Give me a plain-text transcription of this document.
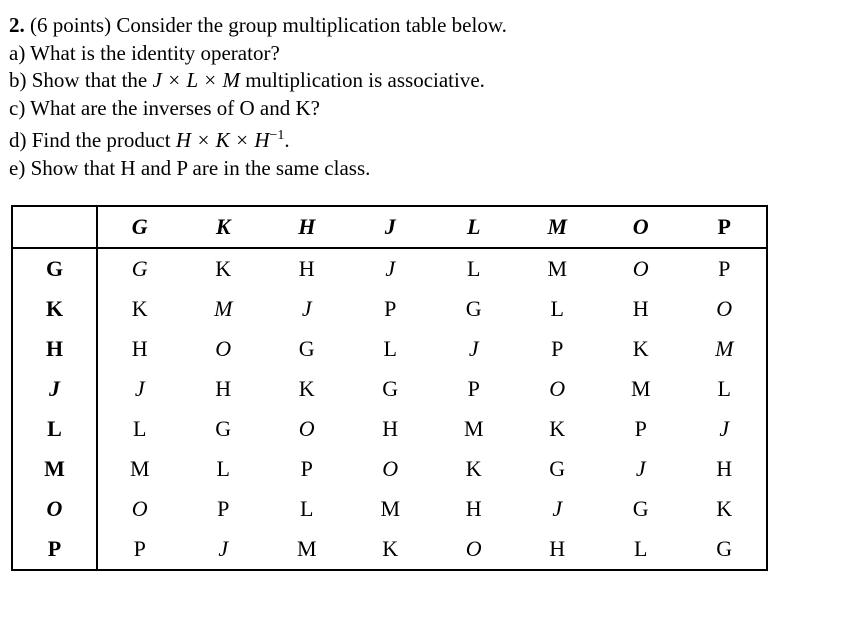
2. (6 points) Consider the group multiplication table below.
a) What is the identity operator?
b) Show that the J × L × M multiplication is associative.
c) What are the inverses of O and K?
d) Find the product $H \times K \times H^{-1}$.
e) Show that H and P are in the same class.
	G	K	H	J	L	M	O	P
G	G	K	H	J	L	M	O	P
K	K	M	J	P	G	L	H	O
H	H	O	G	L	J	P	K	M
J	J	H	K	G	P	O	M	L
L	L	G	O	H	M	K	P	J
M	M	L	P	O	K	G	J	H
O	O	P	L	M	H	J	G	K
P	P	J	M	K	O	H	L	G
